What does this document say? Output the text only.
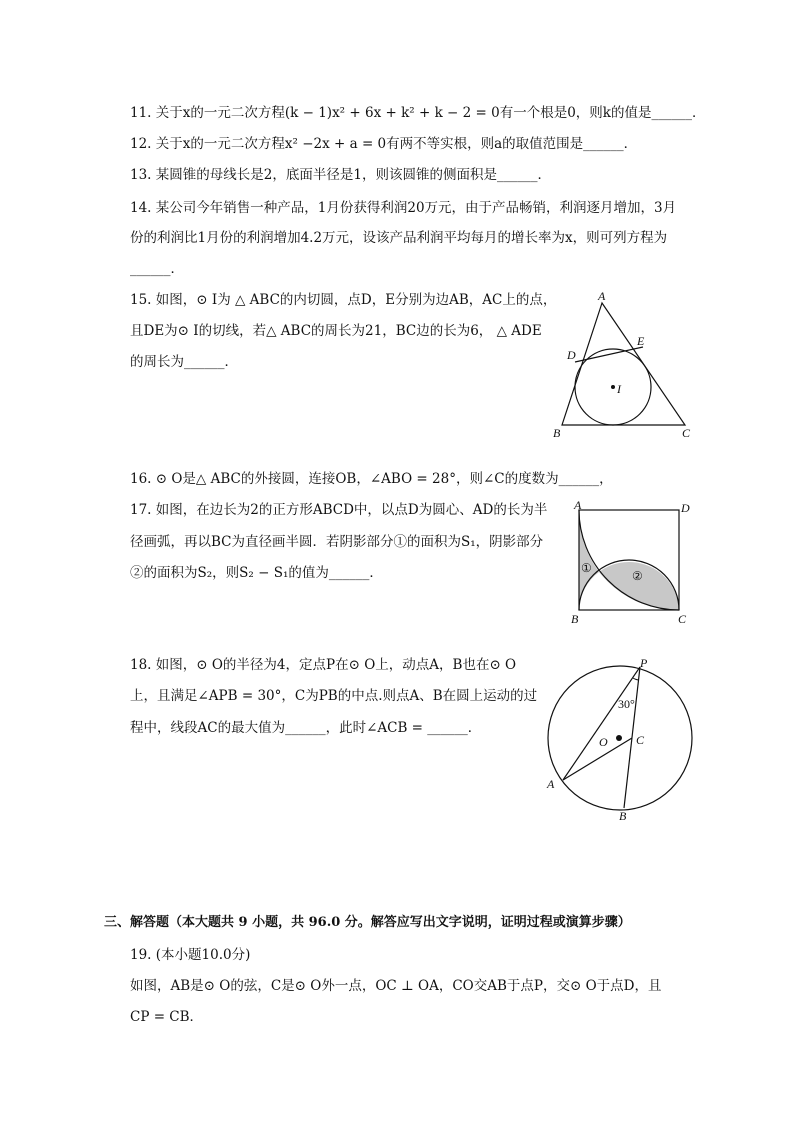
11. 关于x的一元二次方程(k − 1)x² + 6x + k² + k − 2 = 0有一个根是0，则k的值是______．
12. 关于x的一元二次方程x² −2x + a = 0有两不等实根，则a的取值范围是______．
13. 某圆锥的母线长是2，底面半径是1，则该圆锥的侧面积是______．
14. 某公司今年销售一种产品，1月份获得利润20万元，由于产品畅销，利润逐月增加，3月
份的利润比1月份的利润增加4.2万元，设该产品利润平均每月的增长率为x，则可列方程为
______．
15. 如图，⊙ I为 △ ABC的内切圆，点D，E分别为边AB，AC上的点，
且DE为⊙ I的切线，若△ ABC的周长为21，BC边的长为6， △ ADE
的周长为______．
A
B	C
D
E
I
16. ⊙ O是△ ABC的外接圆，连接OB，∠ABO = 28°，则∠C的度数为______，
17. 如图，在边长为2的正方形ABCD中，以点D为圆心、AD的长为半
径画弧，再以BC为直径画半圆．若阴影部分①的面积为S₁，阴影部分
②的面积为S₂，则S₂ − S₁的值为______．
A	D
B	C
①
②
18. 如图，⊙ O的半径为4，定点P在⊙ O上，动点A，B也在⊙ O
上，且满足∠APB = 30°，C为PB的中点.则点A、B在圆上运动的过
程中，线段AC的最大值为______，此时∠ACB = ______．
P
30°
O C
A
B
三、解答题（本大题共 9 小题，共 96.0 分。解答应写出文字说明，证明过程或演算步骤）
19. (本小题10.0分)
如图，AB是⊙ O的弦，C是⊙ O外一点，OC ⊥ OA，CO交AB于点P，交⊙ O于点D，且
CP = CB．
